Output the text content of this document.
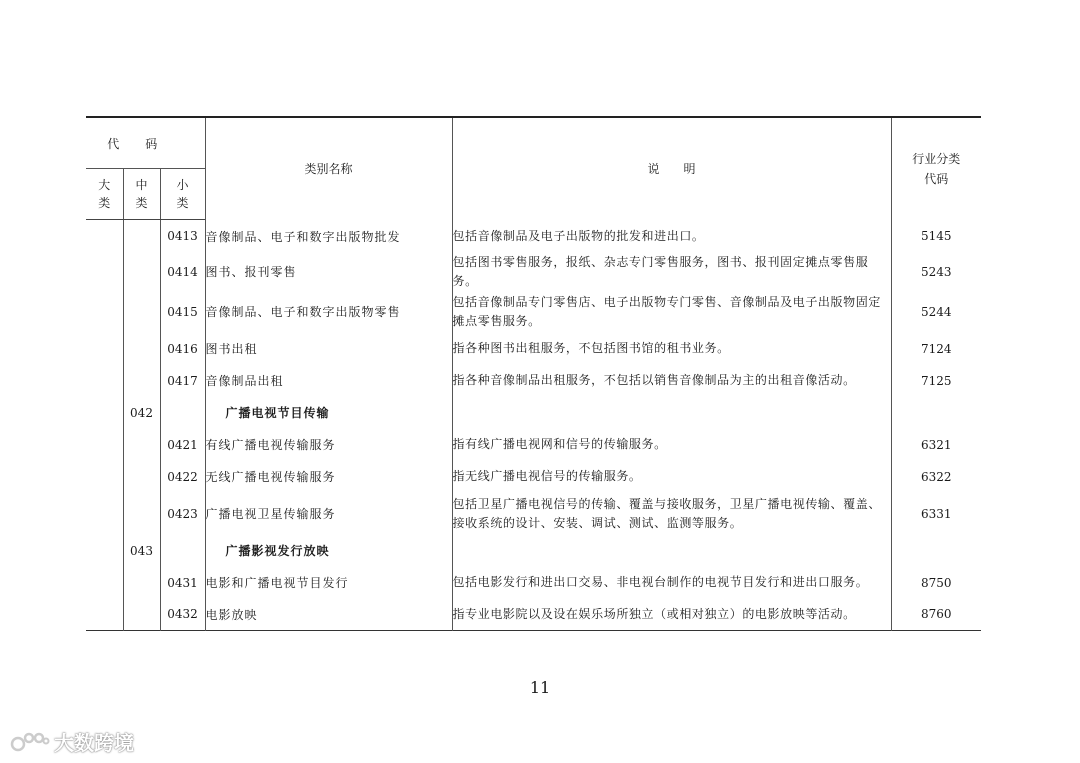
代码			类别名称	说明	行业分类
代码

大类	中类	小类			

		0413	音像制品、电子和数字出版物批发	包括音像制品及电子出版物的批发和进出口。	5145
		0414	图书、报刊零售	包括图书零售服务，报纸、杂志专门零售服务，图书、报刊固定摊点零售服务。	5243
		0415	音像制品、电子和数字出版物零售	包括音像制品专门零售店、电子出版物专门零售、音像制品及电子出版物固定摊点零售服务。	5244
		0416	图书出租	指各种图书出租服务，不包括图书馆的租书业务。	7124
		0417	音像制品出租	指各种音像制品出租服务，不包括以销售音像制品为主的出租音像活动。	7125
	042		广播电视节目传输		
		0421	有线广播电视传输服务	指有线广播电视网和信号的传输服务。	6321
		0422	无线广播电视传输服务	指无线广播电视信号的传输服务。	6322
		0423	广播电视卫星传输服务	包括卫星广播电视信号的传输、覆盖与接收服务，卫星广播电视传输、覆盖、接收系统的设计、安装、调试、测试、监测等服务。	6331
	043		广播影视发行放映		
		0431	电影和广播电视节目发行	包括电影发行和进出口交易、非电视台制作的电视节目发行和进出口服务。	8750
		0432	电影放映	指专业电影院以及设在娱乐场所独立（或相对独立）的电影放映等活动。	8760
11
大数跨境
